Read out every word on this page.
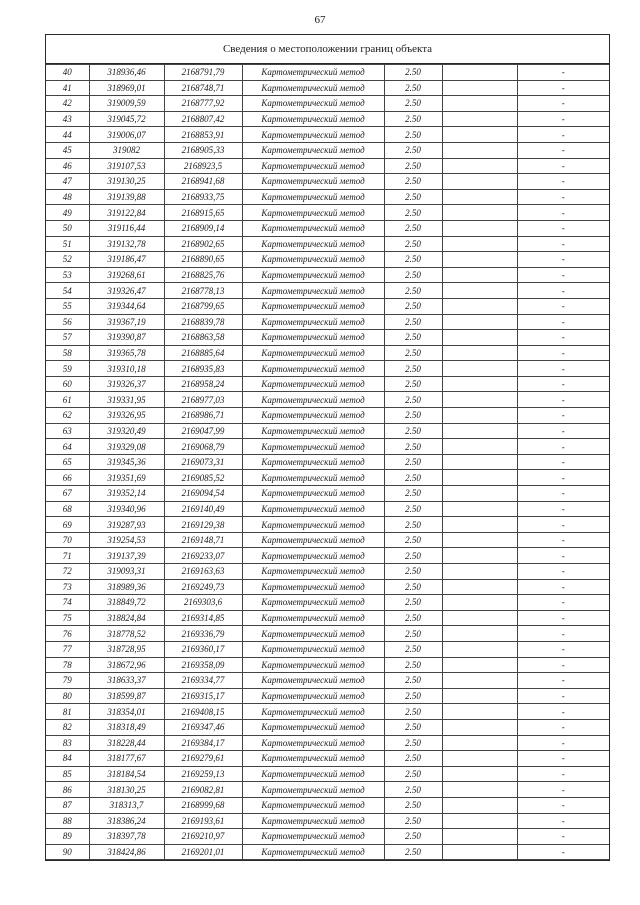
67
Сведения о местоположении границ объекта
40	318936,46	2168791,79	Картометрический метод	2.50		-
41	318969,01	2168748,71	Картометрический метод	2.50		-
42	319009,59	2168777,92	Картометрический метод	2.50		-
43	319045,72	2168807,42	Картометрический метод	2.50		-
44	319006,07	2168853,91	Картометрический метод	2.50		-
45	319082	2168905,33	Картометрический метод	2.50		-
46	319107,53	2168923,5	Картометрический метод	2.50		-
47	319130,25	2168941,68	Картометрический метод	2.50		-
48	319139,88	2168933,75	Картометрический метод	2.50		-
49	319122,84	2168915,65	Картометрический метод	2.50		-
50	319116,44	2168909,14	Картометрический метод	2.50		-
51	319132,78	2168902,65	Картометрический метод	2.50		-
52	319186,47	2168890,65	Картометрический метод	2.50		-
53	319268,61	2168825,76	Картометрический метод	2.50		-
54	319326,47	2168778,13	Картометрический метод	2.50		-
55	319344,64	2168799,65	Картометрический метод	2.50		-
56	319367,19	2168839,78	Картометрический метод	2.50		-
57	319390,87	2168863,58	Картометрический метод	2.50		-
58	319365,78	2168885,64	Картометрический метод	2.50		-
59	319310,18	2168935,83	Картометрический метод	2.50		-
60	319326,37	2168958,24	Картометрический метод	2.50		-
61	319331,95	2168977,03	Картометрический метод	2.50		-
62	319326,95	2168986,71	Картометрический метод	2.50		-
63	319320,49	2169047,99	Картометрический метод	2.50		-
64	319329,08	2169068,79	Картометрический метод	2.50		-
65	319345,36	2169073,31	Картометрический метод	2.50		-
66	319351,69	2169085,52	Картометрический метод	2.50		-
67	319352,14	2169094,54	Картометрический метод	2.50		-
68	319340,96	2169140,49	Картометрический метод	2.50		-
69	319287,93	2169129,38	Картометрический метод	2.50		-
70	319254,53	2169148,71	Картометрический метод	2.50		-
71	319137,39	2169233,07	Картометрический метод	2.50		-
72	319093,31	2169163,63	Картометрический метод	2.50		-
73	318989,36	2169249,73	Картометрический метод	2.50		-
74	318849,72	2169303,6	Картометрический метод	2.50		-
75	318824,84	2169314,85	Картометрический метод	2.50		-
76	318778,52	2169336,79	Картометрический метод	2.50		-
77	318728,95	2169360,17	Картометрический метод	2.50		-
78	318672,96	2169358,09	Картометрический метод	2.50		-
79	318633,37	2169334,77	Картометрический метод	2.50		-
80	318599,87	2169315,17	Картометрический метод	2.50		-
81	318354,01	2169408,15	Картометрический метод	2.50		-
82	318318,49	2169347,46	Картометрический метод	2.50		-
83	318228,44	2169384,17	Картометрический метод	2.50		-
84	318177,67	2169279,61	Картометрический метод	2.50		-
85	318184,54	2169259,13	Картометрический метод	2.50		-
86	318130,25	2169082,81	Картометрический метод	2.50		-
87	318313,7	2168999,68	Картометрический метод	2.50		-
88	318386,24	2169193,61	Картометрический метод	2.50		-
89	318397,78	2169210,97	Картометрический метод	2.50		-
90	318424,86	2169201,01	Картометрический метод	2.50		-
